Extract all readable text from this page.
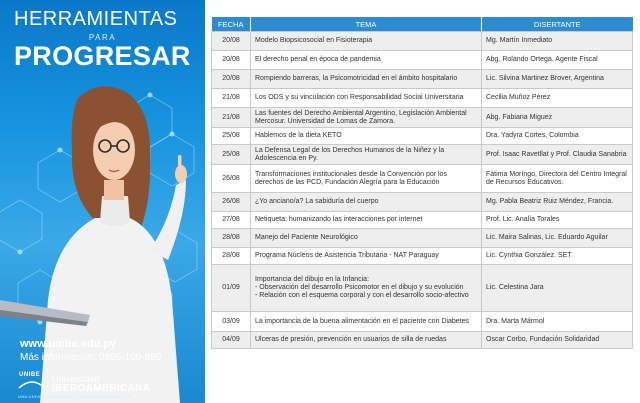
HERRAMIENTAS
PARA
PROGRESAR
www.unibe.edu.py
Más información: 0986-100-980
UNIBE Universidad
IBEROAMERICANA
UNA UNIVERSIDAD NUEVA PARA UN MUNDO MEJOR
FECHA	TEMA	DISERTANTE
20/08	Modelo Biopsicosocial en Fisioterapia	Mg. Martín Inmediato
20/08	El derecho penal en época de pandemia	Abg. Rolando Ortega. Agente Fiscal
20/08	Rompiendo barreras, la Psicomotricidad en el ámbito hospitalario	Lic. Silvina Martinez Brover, Argentina
21/08	Los ODS y su vinculación con Responsabilidad Social Universitaria	Cecilia Muñoz Pérez
21/08	Las fuentes del Derecho Ambiental Argentino, Legislación Ambiental Mercosur. Universidad de Lomas de Zamora.	Abg. Fabiana Miguez
25/08	Hablemos de la dieta KETO	Dra. Yadyra Cortes, Colombia
25/08	La Defensa Legal de los Derechos Humanos de la Niñez y la Adolescencia en Py.	Prof. Isaac Ravetllat y Prof. Claudia Sanabria
26/08	Transformaciones institucionales desde la Convención por los derechos de las PCD, Fundación Alegría para la Educación	Fátima Moríngo, Directora del Centro Integral de Recursos Educativos.
26/08	¿Yo anciano/a? La sabiduría del cuerpo	Mg. Pabla Beatriz Ruiz Méndez, Francia.
27/08	Netiqueta: humanizando las interacciones por internet	Prof. Lic. Analía Torales
28/08	Manejo del Paciente Neurológico	Lic. Maira Salinas, Lic. Eduardo Aguilar
28/08	Programa Núcleos de Asistencia Tributaria - NAT Paraguay	Lic. Cynthia González. SET
01/09	Importancia del dibujo en la Infancia:
- Observación del desarrollo Psicomotor en el dibujo y su evolución
- Relación con el esquema corporal y con el desarrollo socio-afectivo	Lic. Celestina Jara
03/09	La importancia de la buena alimentación en el paciente con Diabetes	Dra. Marta Mármol
04/09	Ulceras de presión, prevención en usuarios de silla de ruedas	Oscar Corbo, Fundación Solidaridad
